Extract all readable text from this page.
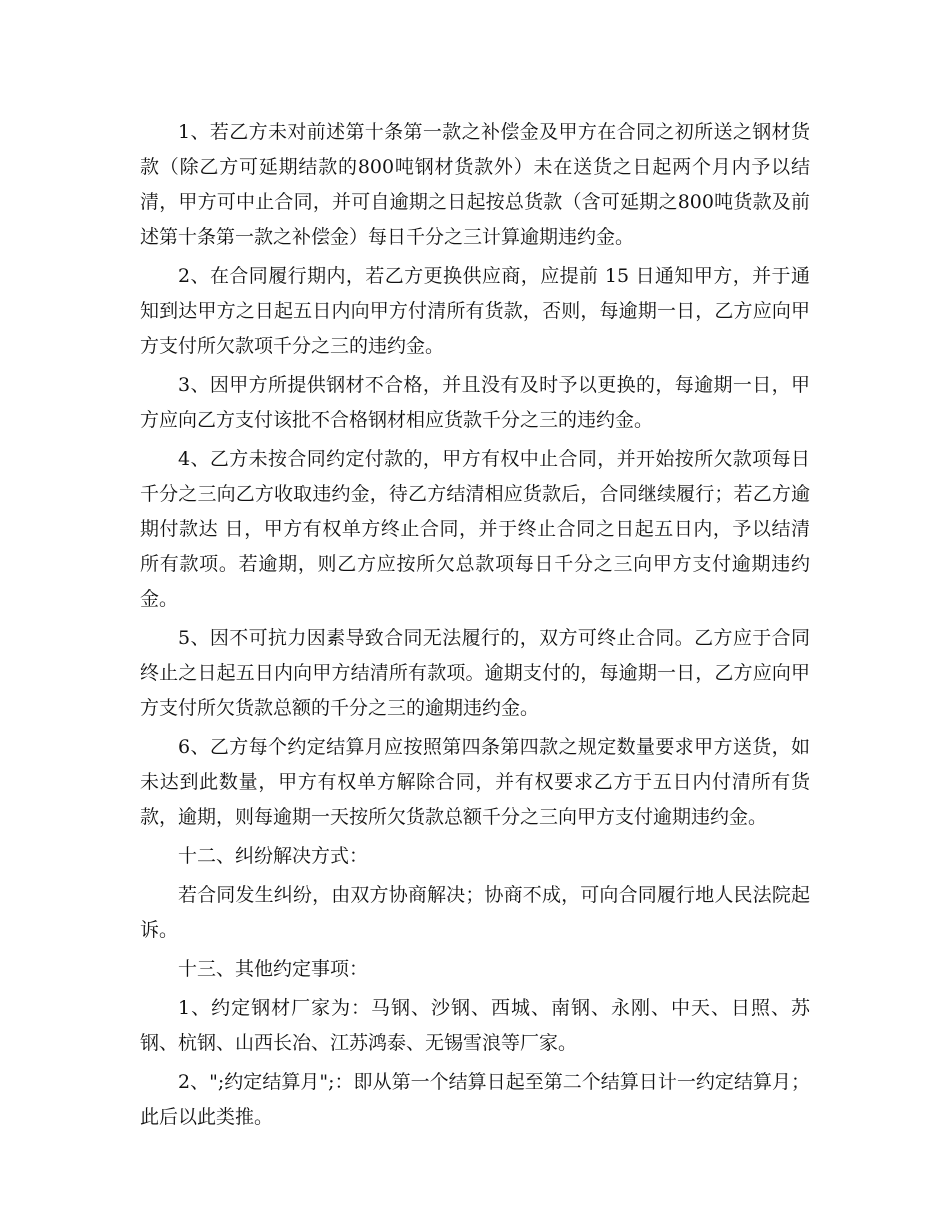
1、若乙方未对前述第十条第一款之补偿金及甲方在合同之初所送之钢材货款（除乙方可延期结款的800吨钢材货款外）未在送货之日起两个月内予以结清，甲方可中止合同，并可自逾期之日起按总货款（含可延期之800吨货款及前述第十条第一款之补偿金）每日千分之三计算逾期违约金。

2、在合同履行期内，若乙方更换供应商，应提前 15 日通知甲方，并于通知到达甲方之日起五日内向甲方付清所有货款，否则，每逾期一日，乙方应向甲方支付所欠款项千分之三的违约金。

3、因甲方所提供钢材不合格，并且没有及时予以更换的，每逾期一日，甲方应向乙方支付该批不合格钢材相应货款千分之三的违约金。

4、乙方未按合同约定付款的，甲方有权中止合同，并开始按所欠款项每日千分之三向乙方收取违约金，待乙方结清相应货款后，合同继续履行；若乙方逾期付款达 日，甲方有权单方终止合同，并于终止合同之日起五日内，予以结清所有款项。若逾期，则乙方应按所欠总款项每日千分之三向甲方支付逾期违约金。

5、因不可抗力因素导致合同无法履行的，双方可终止合同。乙方应于合同终止之日起五日内向甲方结清所有款项。逾期支付的，每逾期一日，乙方应向甲方支付所欠货款总额的千分之三的逾期违约金。

6、乙方每个约定结算月应按照第四条第四款之规定数量要求甲方送货，如未达到此数量，甲方有权单方解除合同，并有权要求乙方于五日内付清所有货款，逾期，则每逾期一天按所欠货款总额千分之三向甲方支付逾期违约金。

十二、纠纷解决方式：

若合同发生纠纷，由双方协商解决；协商不成，可向合同履行地人民法院起诉。

十三、其他约定事项：

1、约定钢材厂家为：马钢、沙钢、西城、南钢、永刚、中天、日照、苏钢、杭钢、山西长冶、江苏鸿泰、无锡雪浪等厂家。

2、";约定结算月";：即从第一个结算日起至第二个结算日计一约定结算月；此后以此类推。
